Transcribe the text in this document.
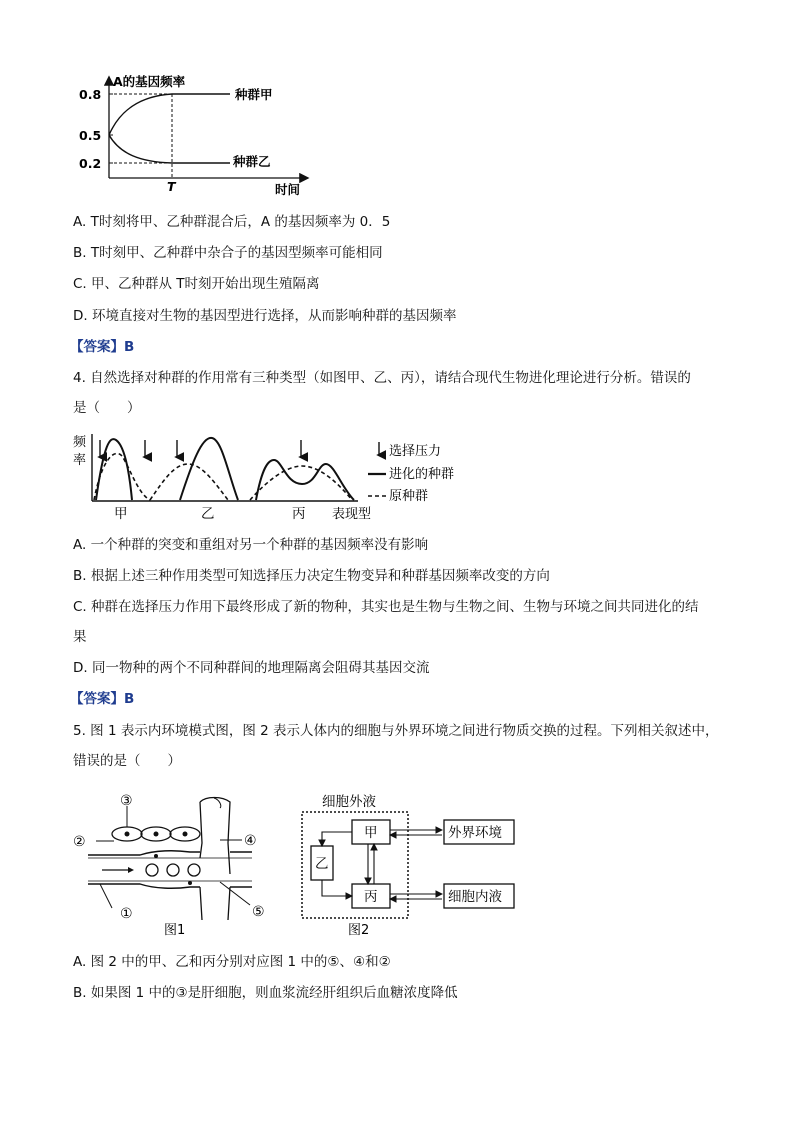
A的基因频率
0.8
0.5
0.2
T	时间
种群甲
种群乙
A. T时刻将甲、乙种群混合后，A 的基因频率为 0．5
B. T时刻甲、乙种群中杂合子的基因型频率可能相同
C. 甲、乙种群从 T时刻开始出现生殖隔离
D. 环境直接对生物的基因型进行选择，从而影响种群的基因频率
【答案】B
4. 自然选择对种群的作用常有三种类型（如图甲、乙、丙），请结合现代生物进化理论进行分析。错误的
是（　　）
频
率
甲	乙	丙 表现型
选择压力
进化的种群
原种群
A. 一个种群的突变和重组对另一个种群的基因频率没有影响
B. 根据上述三种作用类型可知选择压力决定生物变异和种群基因频率改变的方向
C. 种群在选择压力作用下最终形成了新的物种，其实也是生物与生物之间、生物与环境之间共同进化的结
果
D. 同一物种的两个不同种群间的地理隔离会阻碍其基因交流
【答案】B
5. 图 1 表示内环境模式图，图 2 表示人体内的细胞与外界环境之间进行物质交换的过程。下列相关叙述中，
错误的是（　　）
③
②	④
①	⑤
图1
细胞外液
甲
乙
丙
外界环境
细胞内液
图2
A. 图 2 中的甲、乙和丙分别对应图 1 中的⑤、④和②
B. 如果图 1 中的③是肝细胞，则血浆流经肝组织后血糖浓度降低
